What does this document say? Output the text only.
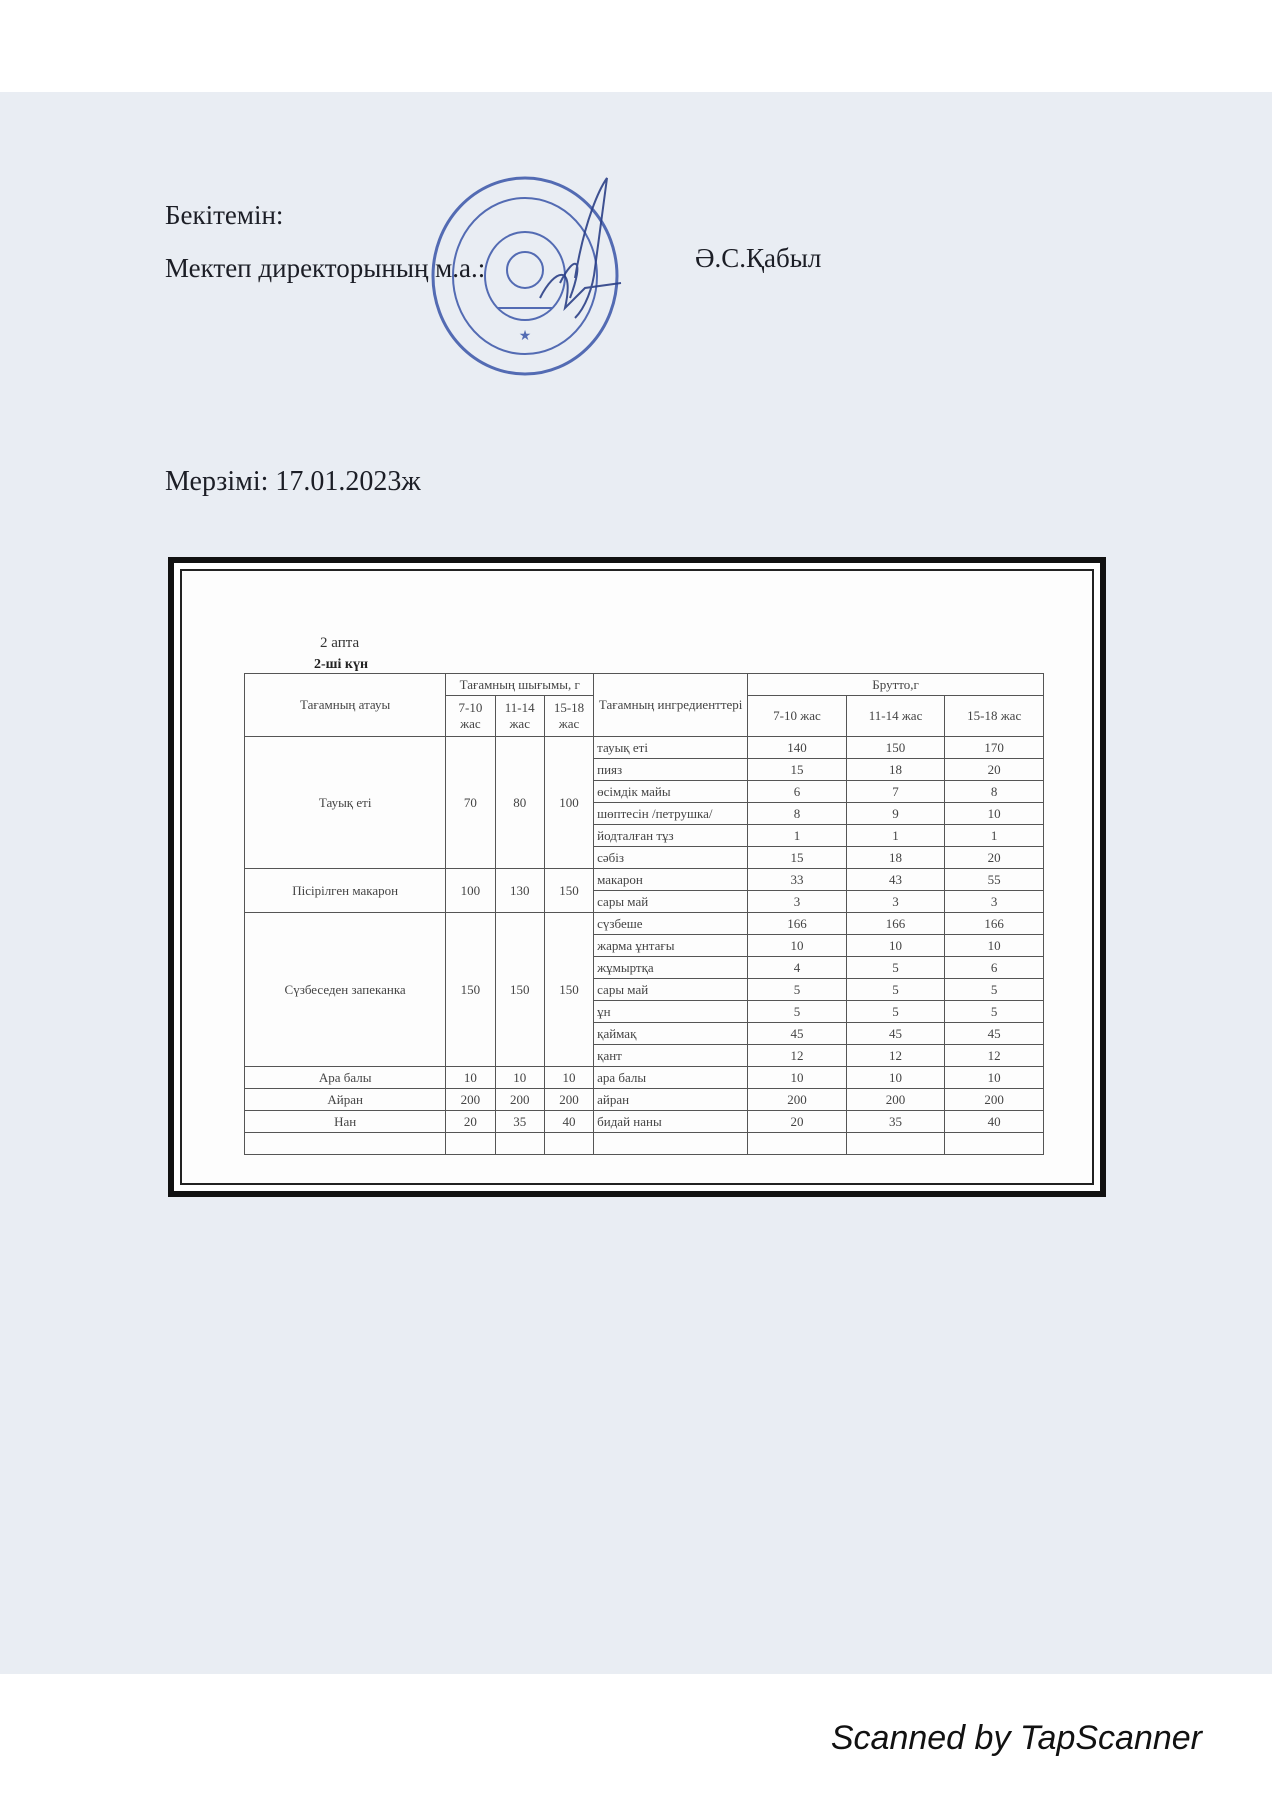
Бекітемін:
Мектеп директорының м.а.:	Ә.С.Қабыл
★
Мерзімі: 17.01.2023ж
2 апта
2-ші күн
Тағамның атауы	Тағамның шығымы, г			Тағамның ингредиенттері	Брутто,г		
	7-10 жас	11-14 жас	15-18 жас		7-10 жас	11-14 жас	15-18 жас
Тауық еті	70	80	100	тауық еті	140	150	170
				пияз	15	18	20
				өсімдік майы	6	7	8
				шөптесін /петрушка/	8	9	10
				йодталған тұз	1	1	1
				сәбіз	15	18	20
Пісірілген макарон	100	130	150	макарон	33	43	55
				сары май	3	3	3
Сүзбеседен запеканка	150	150	150	сүзбеше	166	166	166
				жарма ұнтағы	10	10	10
				жұмыртқа	4	5	6
				сары май	5	5	5
				ұн	5	5	5
				қаймақ	45	45	45
				қант	12	12	12
Ара балы	10	10	10	ара балы	10	10	10
Айран	200	200	200	айран	200	200	200
Нан	20	35	40	бидай наны	20	35	40

Scanned by TapScanner
